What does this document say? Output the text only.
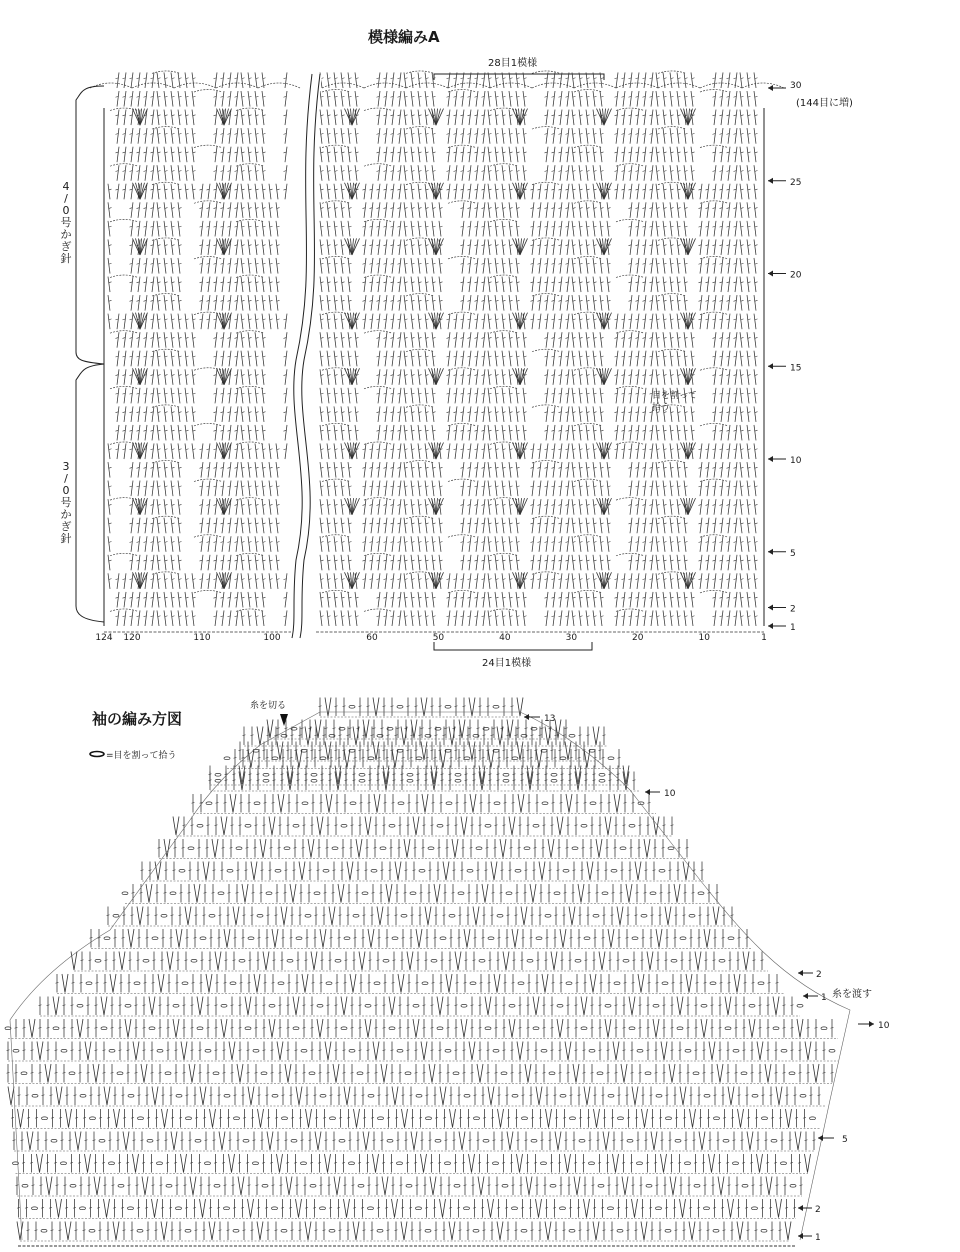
模様編みA
28目1模様
4
/
0
号
か
ぎ
針
3
/
0
号
か
ぎ
針
30
25
20
15
10
5
2
1
(144目に増)
目を割って
拾う
124 120	110	100	60	50	40	30	20	10	1
24目1模様
袖の編み方図
=目を割って拾う
糸を切る
13
10
2
1 糸を渡す
10
5
2
1
